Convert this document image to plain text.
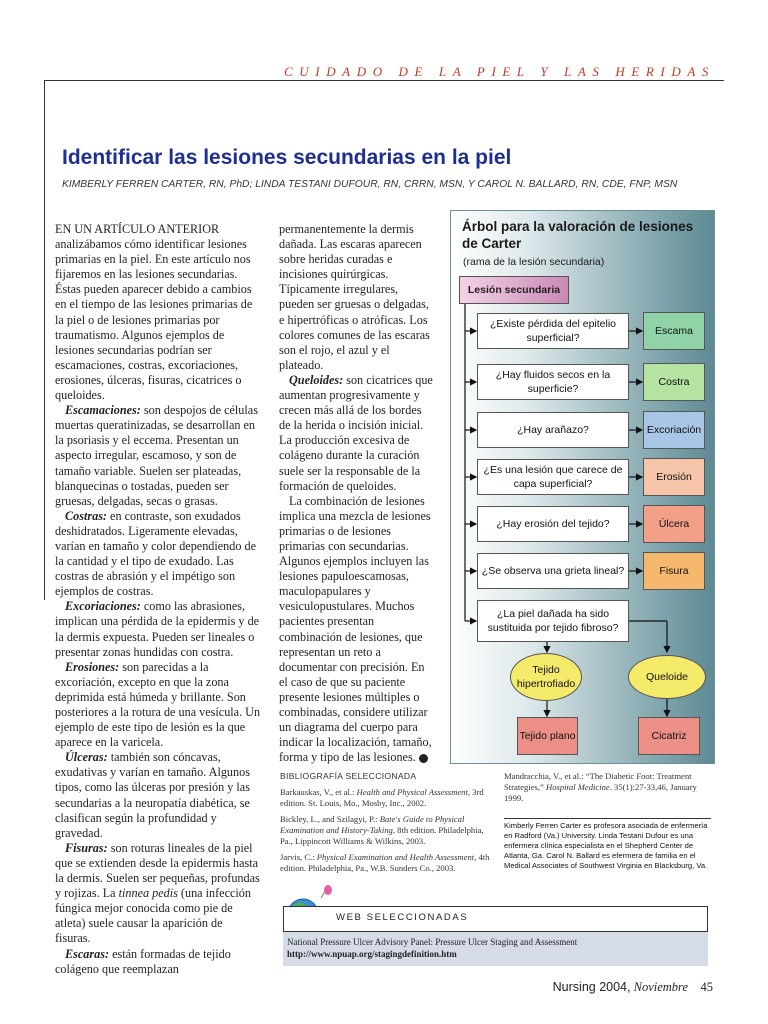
CUIDADO DE LA PIEL Y LAS HERIDAS
Identificar las lesiones secundarias en la piel
KIMBERLY FERREN CARTER, RN, PhD; LINDA TESTANI DUFOUR, RN, CRRN, MSN, Y CAROL N. BALLARD, RN, CDE, FNP, MSN

EN UN ARTÍCULO ANTERIOR analizábamos cómo identificar lesiones primarias en la piel. En este artículo nos fijaremos en las lesiones secundarias. Éstas pueden aparecer debido a cambios en el tiempo de las lesiones primarias de la piel o de lesiones primarias por traumatismo. Algunos ejemplos de lesiones secundarias podrían ser escamaciones, costras, excoriaciones, erosiones, úlceras, fisuras, cicatrices o queloides.

Escamaciones: son despojos de células muertas queratinizadas, se desarrollan en la psoriasis y el eccema. Presentan un aspecto irregular, escamoso, y son de tamaño variable. Suelen ser plateadas, blanquecinas o tostadas, pueden ser gruesas, delgadas, secas o grasas.

Costras: en contraste, son exudados deshidratados. Ligeramente elevadas, varían en tamaño y color dependiendo de la cantidad y el tipo de exudado. Las costras de abrasión y el impétigo son ejemplos de costras.

Excoriaciones: como las abrasiones, implican una pérdida de la epidermis y de la dermis expuesta. Pueden ser lineales o presentar zonas hundidas con costra.

Erosiones: son parecidas a la excoriación, excepto en que la zona deprimida está húmeda y brillante. Son posteriores a la rotura de una vesícula. Un ejemplo de este tipo de lesión es la que aparece en la varicela.

Úlceras: también son cóncavas, exudativas y varían en tamaño. Algunos tipos, como las úlceras por presión y las secundarias a la neuropatía diabética, se clasifican según la profundidad y gravedad.

Fisuras: son roturas lineales de la piel que se extienden desde la epidermis hasta la dermis. Suelen ser pequeñas, profundas y rojizas. La tinnea pedis (una infección fúngica mejor conocida como pie de atleta) suele causar la aparición de fisuras.

Escaras: están formadas de tejido colágeno que reemplazan

permanentemente la dermis dañada. Las escaras aparecen sobre heridas curadas e incisiones quirúrgicas. Típicamente irregulares, pueden ser gruesas o delgadas, e hipertróficas o atróficas. Los colores comunes de las escaras son el rojo, el azul y el plateado.

Queloides: son cicatrices que aumentan progresivamente y crecen más allá de los bordes de la herida o incisión inicial. La producción excesiva de colágeno durante la curación suele ser la responsable de la formación de queloides.

La combinación de lesiones implica una mezcla de lesiones primarias o de lesiones primarias con secundarias. Algunos ejemplos incluyen las lesiones papuloescamosas, maculopapulares y vesiculopustulares. Muchos pacientes presentan combinación de lesiones, que representan un reto a documentar con precisión. En el caso de que su paciente presente lesiones múltiples o combinadas, considere utilizar un diagrama del cuerpo para indicar la localización, tamaño, forma y tipo de las lesiones. N

Árbol para la valoración de lesiones de Carter
(rama de la lesión secundaria)
Lesión secundaria
¿Existe pérdida del epitelio superficial?
Escama
¿Hay fluidos secos en la superficie?
Costra
¿Hay arañazo?	Excoriación
¿Es una lesión que carece de capa superficial?
Erosión
¿Hay erosión del tejido?	Úlcera
¿Se observa una grieta lineal?	Fisura
¿La piel dañada ha sido sustituida por tejido fibroso?
Tejido hipertrofiado
Queloide
Tejido plano	Cicatriz
BIBLIOGRAFÍA SELECCIONADA

Barkauskas, V., et al.: Health and Physical Assessment, 3rd edition. St. Louis, Mo., Mosby, Inc., 2002.

Bickley, L., and Szilagyi, P.: Bate's Guide to Physical Examination and History-Taking, 8th edition. Philadelphia, Pa., Lippincott Williams & Wilkins, 2003.

Jarvis, C.: Physical Examination and Health Assessment, 4th edition. Philadelphia, Pa., W.B. Sunders Co., 2003.

Mandracchia, V., et al.: “The Diabetic Foot: Treatment Strategies,” Hospital Medicine. 35(1):27-33,46, January 1999.
Kimberly Ferren Carter es profesora asociada de enfermería en Radford (Va.) University. Linda Testani Dufour es una enfermera clínica especialista en el Shepherd Center de Atlanta, Ga. Carol N. Ballard es efermera de familia en el Medical Associates of Southwest Virginia en Blacksburg, Va.
WEB SELECCIONADAS
National Pressure Ulcer Advisory Panel: Pressure Ulcer Staging and Assessment
http://www.npuap.org/stagingdefinition.htm
Nursing 2004, Noviembre 45
